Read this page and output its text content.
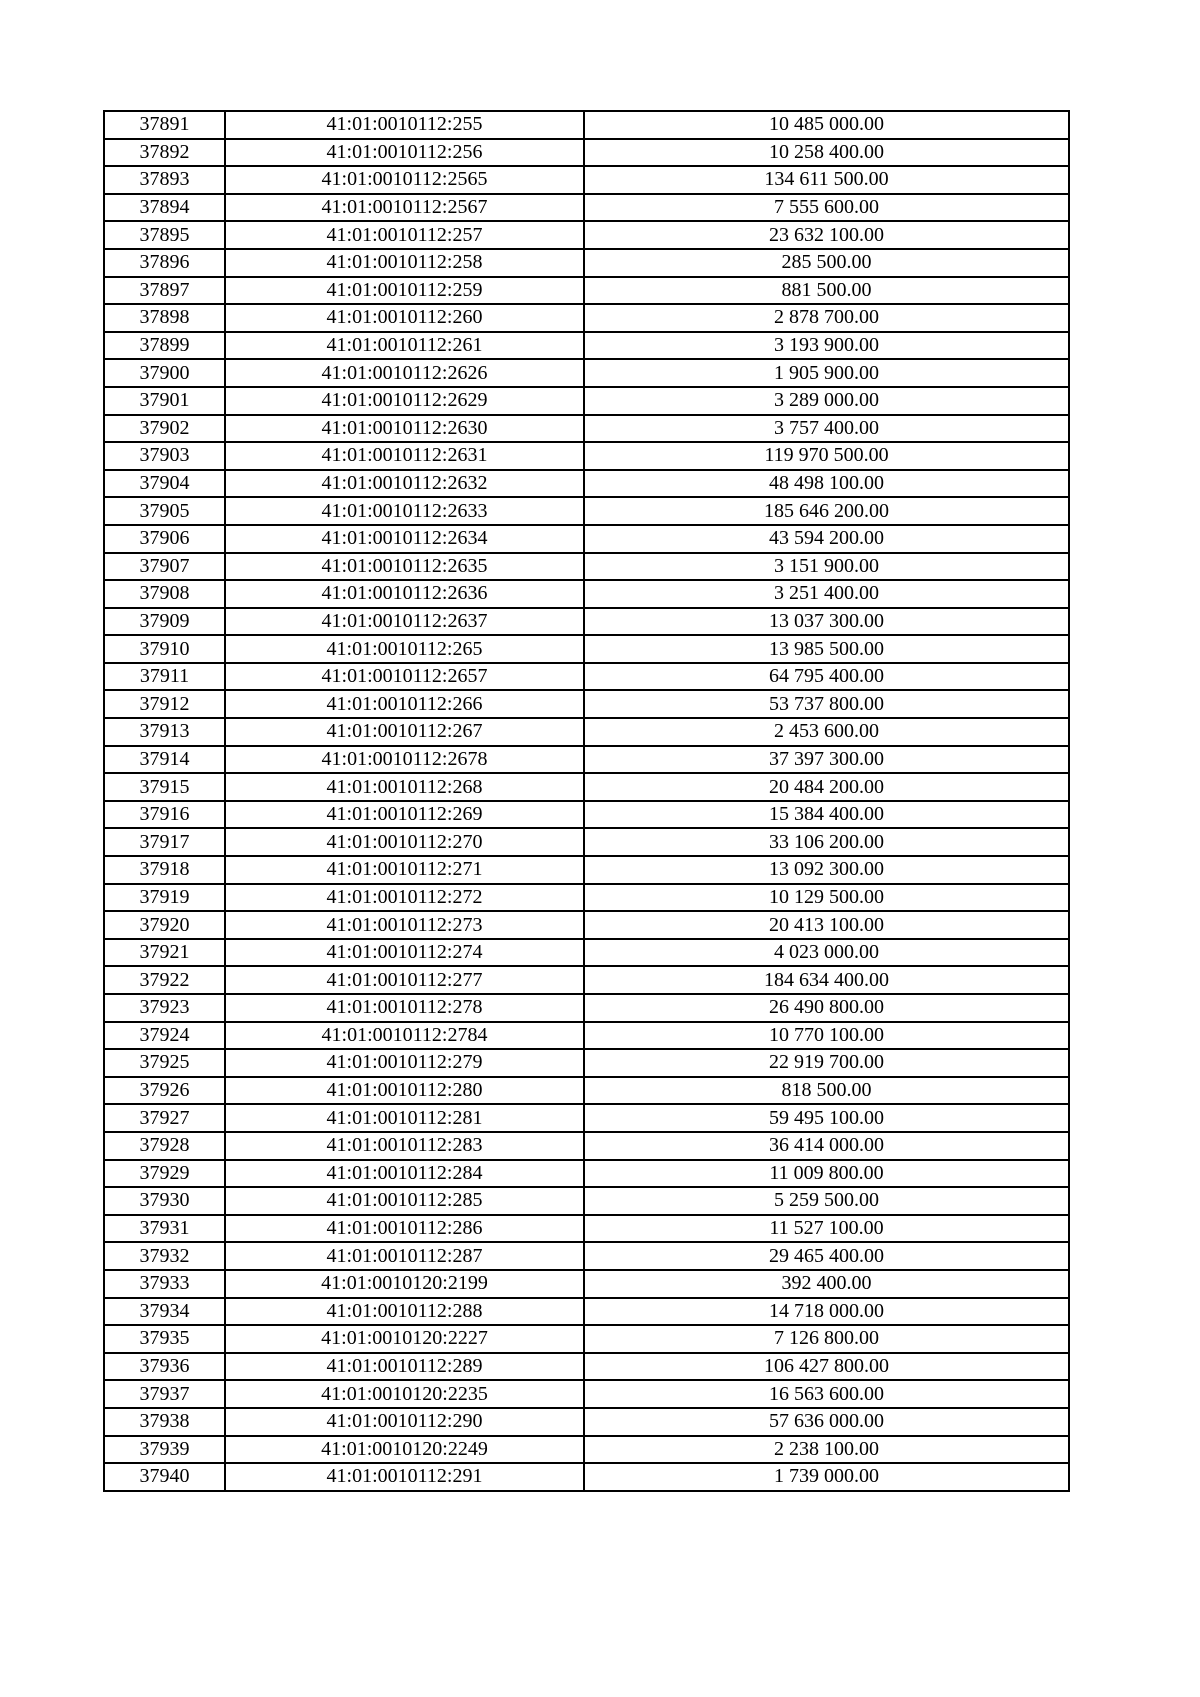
37891	41:01:0010112:255	10 485 000.00
37892	41:01:0010112:256	10 258 400.00
37893	41:01:0010112:2565	134 611 500.00
37894	41:01:0010112:2567	7 555 600.00
37895	41:01:0010112:257	23 632 100.00
37896	41:01:0010112:258	285 500.00
37897	41:01:0010112:259	881 500.00
37898	41:01:0010112:260	2 878 700.00
37899	41:01:0010112:261	3 193 900.00
37900	41:01:0010112:2626	1 905 900.00
37901	41:01:0010112:2629	3 289 000.00
37902	41:01:0010112:2630	3 757 400.00
37903	41:01:0010112:2631	119 970 500.00
37904	41:01:0010112:2632	48 498 100.00
37905	41:01:0010112:2633	185 646 200.00
37906	41:01:0010112:2634	43 594 200.00
37907	41:01:0010112:2635	3 151 900.00
37908	41:01:0010112:2636	3 251 400.00
37909	41:01:0010112:2637	13 037 300.00
37910	41:01:0010112:265	13 985 500.00
37911	41:01:0010112:2657	64 795 400.00
37912	41:01:0010112:266	53 737 800.00
37913	41:01:0010112:267	2 453 600.00
37914	41:01:0010112:2678	37 397 300.00
37915	41:01:0010112:268	20 484 200.00
37916	41:01:0010112:269	15 384 400.00
37917	41:01:0010112:270	33 106 200.00
37918	41:01:0010112:271	13 092 300.00
37919	41:01:0010112:272	10 129 500.00
37920	41:01:0010112:273	20 413 100.00
37921	41:01:0010112:274	4 023 000.00
37922	41:01:0010112:277	184 634 400.00
37923	41:01:0010112:278	26 490 800.00
37924	41:01:0010112:2784	10 770 100.00
37925	41:01:0010112:279	22 919 700.00
37926	41:01:0010112:280	818 500.00
37927	41:01:0010112:281	59 495 100.00
37928	41:01:0010112:283	36 414 000.00
37929	41:01:0010112:284	11 009 800.00
37930	41:01:0010112:285	5 259 500.00
37931	41:01:0010112:286	11 527 100.00
37932	41:01:0010112:287	29 465 400.00
37933	41:01:0010120:2199	392 400.00
37934	41:01:0010112:288	14 718 000.00
37935	41:01:0010120:2227	7 126 800.00
37936	41:01:0010112:289	106 427 800.00
37937	41:01:0010120:2235	16 563 600.00
37938	41:01:0010112:290	57 636 000.00
37939	41:01:0010120:2249	2 238 100.00
37940	41:01:0010112:291	1 739 000.00
